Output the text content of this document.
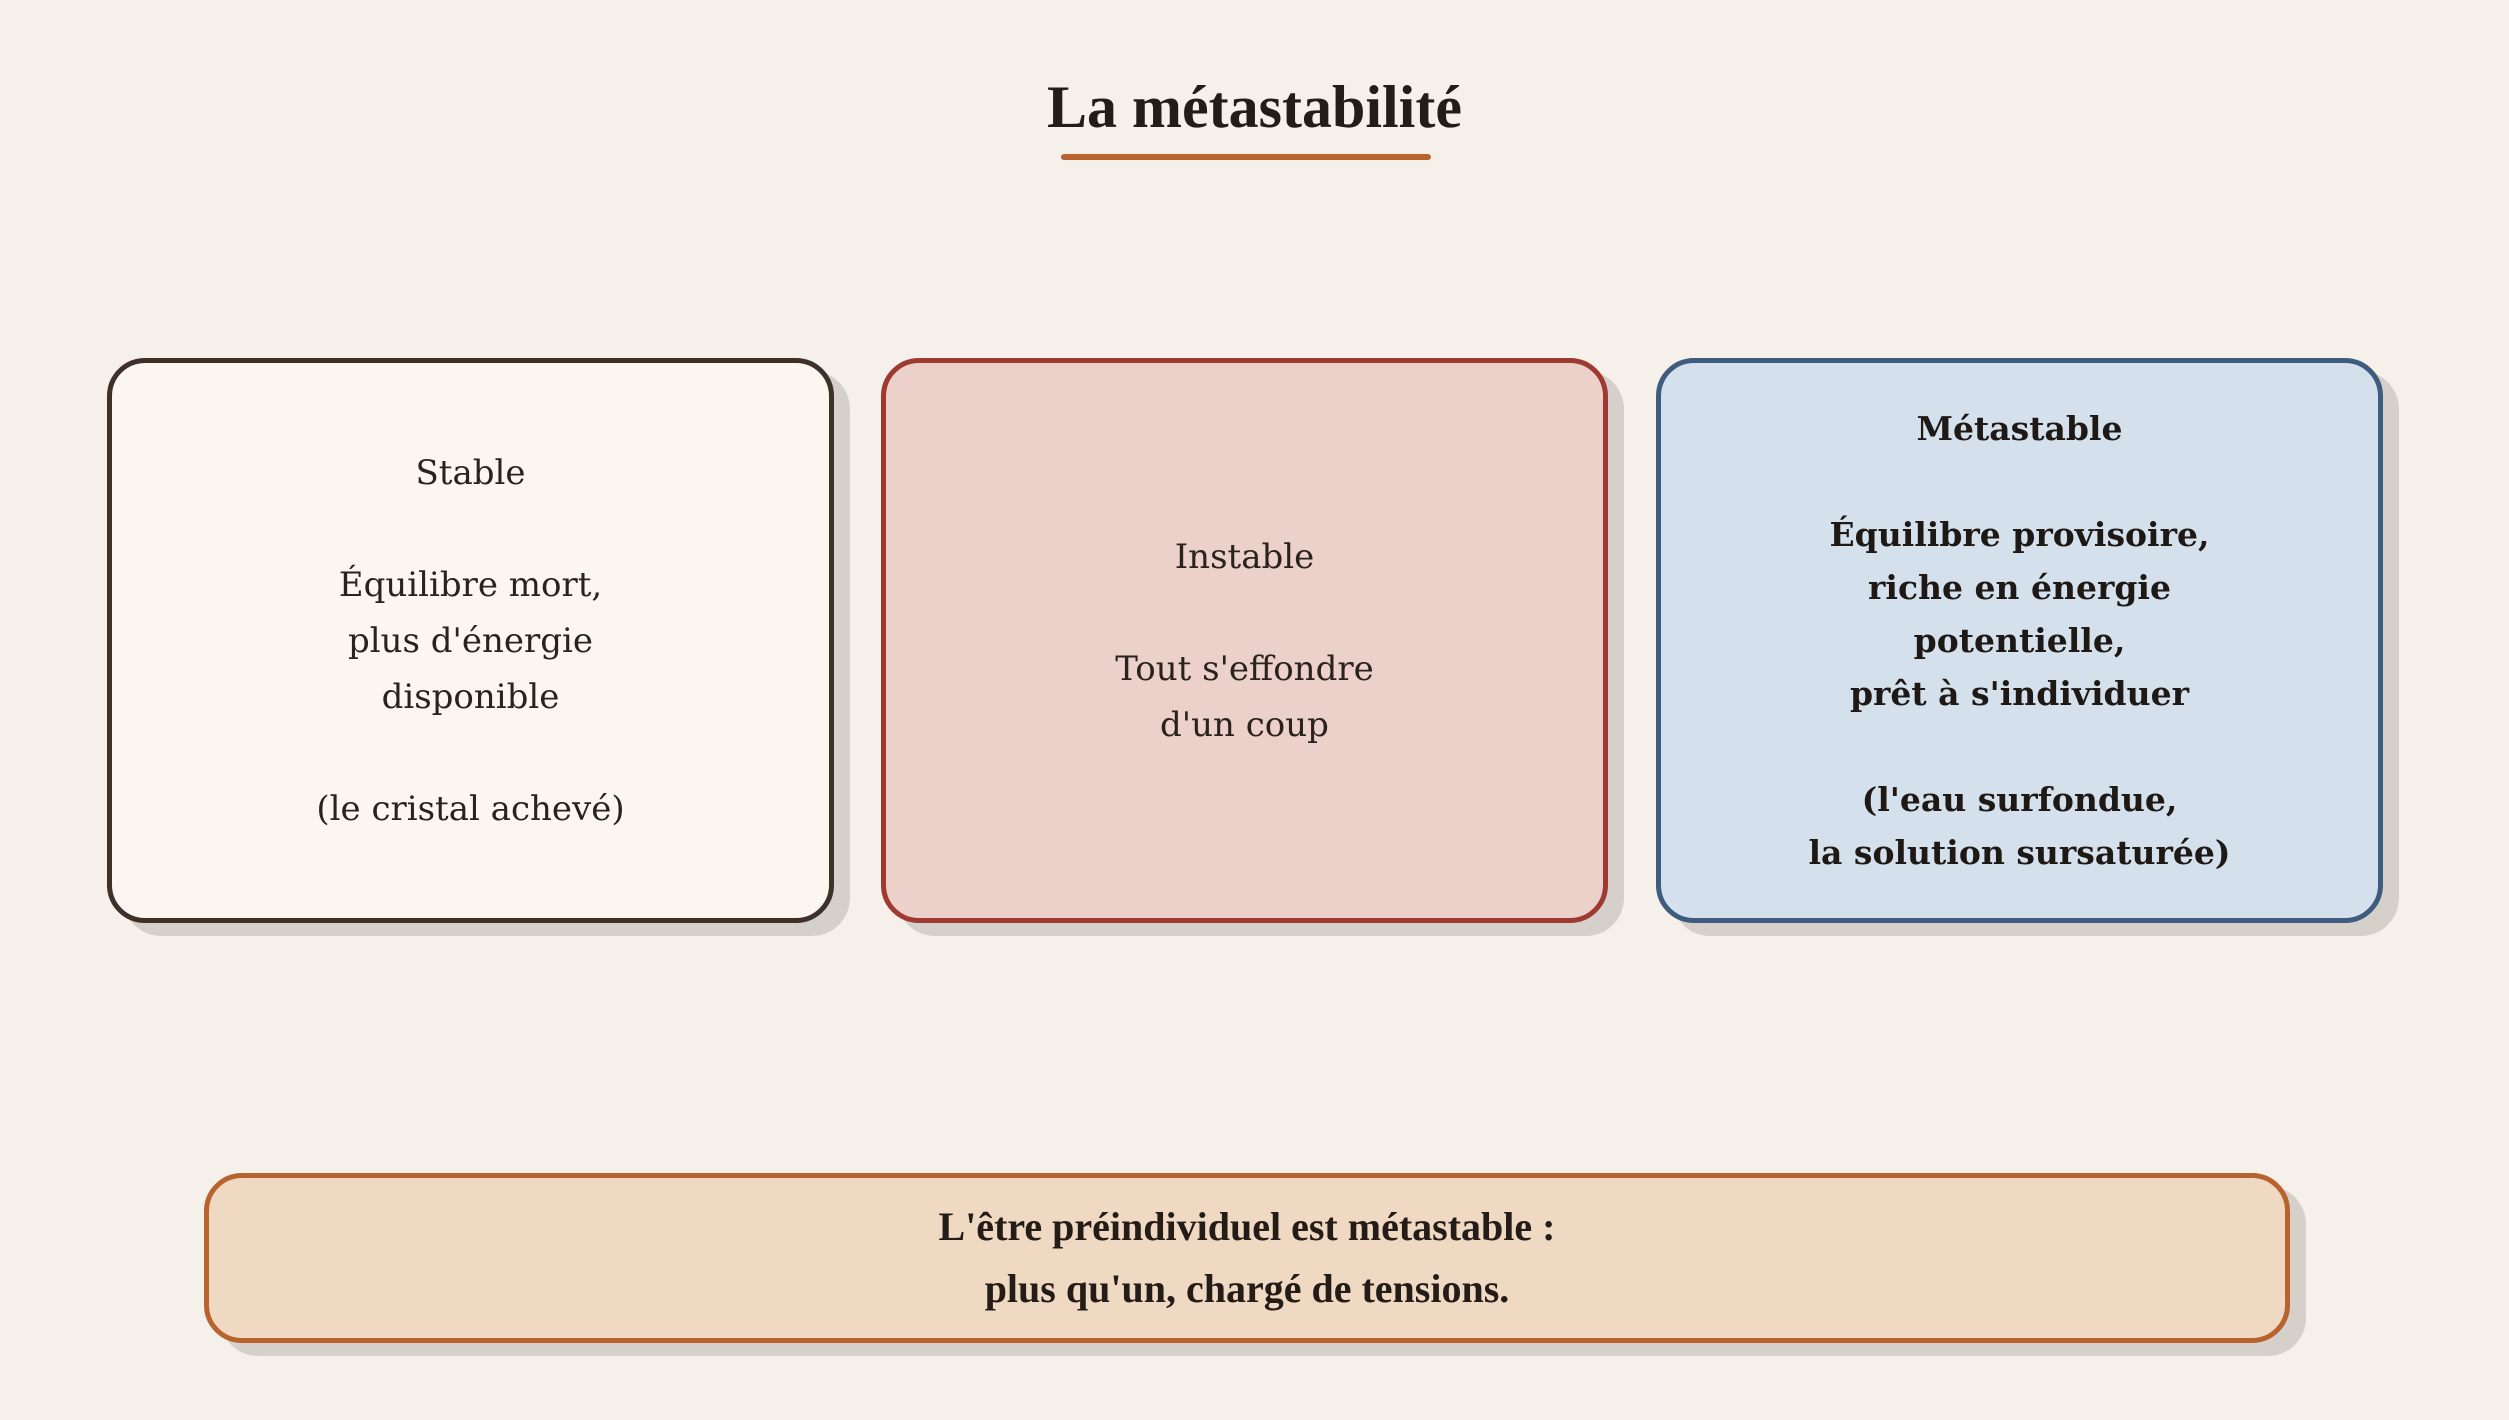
La métastabilité

Stable

Équilibre mort,

plus d'énergie

disponible

(le cristal achevé)

Instable

Tout s'effondre

d'un coup

Métastable

Équilibre provisoire,

riche en énergie

potentielle,

prêt à s'individuer

(l'eau surfondue,

la solution sursaturée)

L'être préindividuel est métastable :

plus qu'un, chargé de tensions.
